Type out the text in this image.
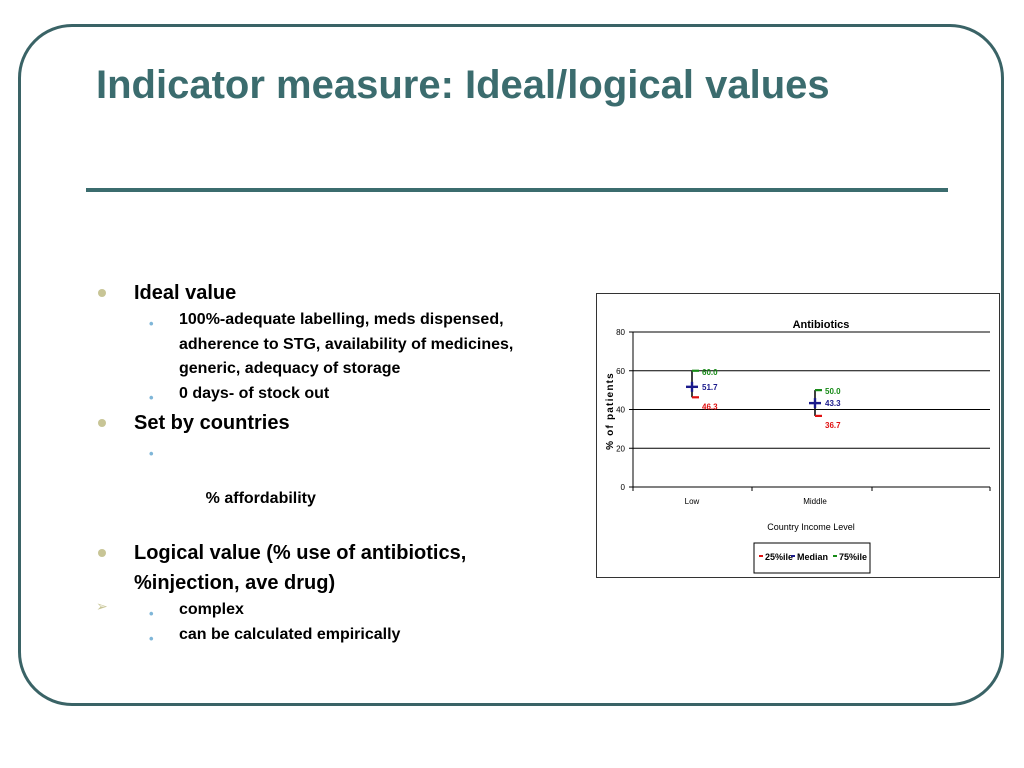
Indicator measure: Ideal/logical values
Ideal value
• 100%-adequate labelling, meds dispensed, adherence to STG, availability of medicines, generic, adequacy of storage
• 0 days- of stock out
Set by countries

•

% affordability

Logical value (% use of antibiotics, %injection, ave drug)
• complex
• can be calculated empirically
➢
Antibiotics
% of patients
Country Income Level
0
20
40
60
80
Low	Middle
60.0
51.7
46.3
50.0
43.3
36.7
25%ile Median 75%ile
